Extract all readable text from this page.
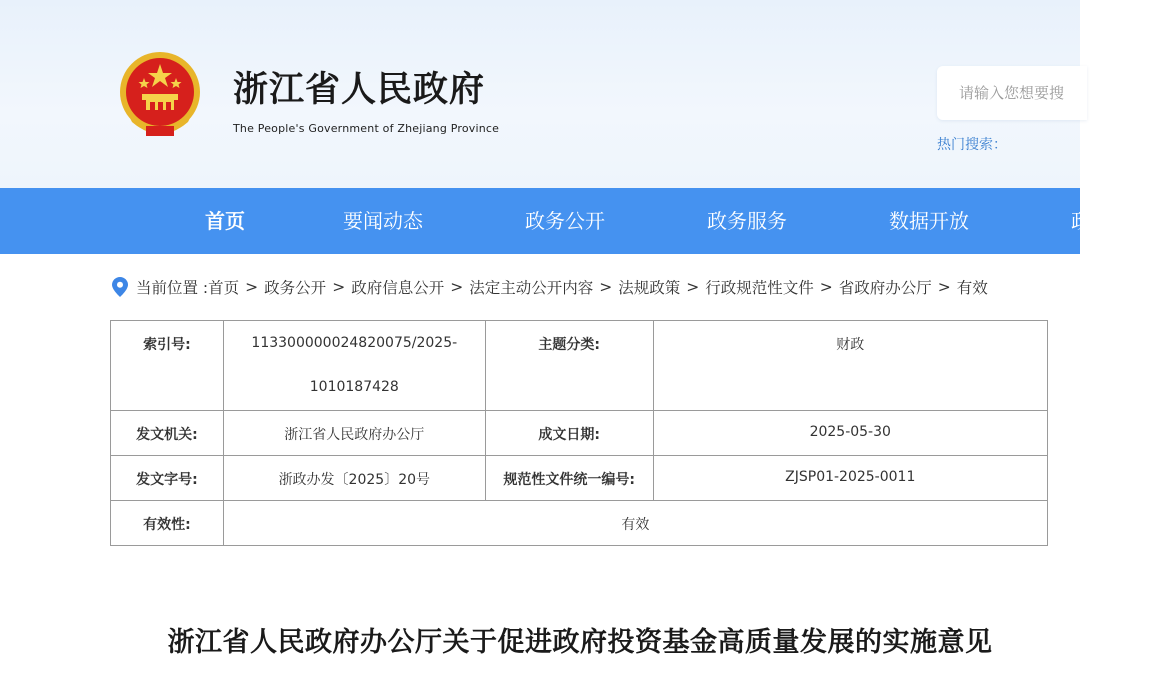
浙江省人民政府
The People's Government of Zhejiang Province
请输入您想要搜
热门搜索：
首页	要闻动态	政务公开	政务服务	数据开放	政
当前位置 : 首页 > 政务公开 > 政府信息公开 > 法定主动公开内容 > 法规政策 > 行政规范性文件 > 省政府办公厅 > 有效
索引号:	113300000024820075/2025-
1010187428	主题分类:	财政
发文机关:	浙江省人民政府办公厅	成文日期:	2025-05-30
发文字号:	浙政办发〔2025〕20号	规范性文件统一编号:	ZJSP01-2025-0011
有效性:	有效		
浙江省人民政府办公厅关于促进政府投资基金高质量发展的实施意见
